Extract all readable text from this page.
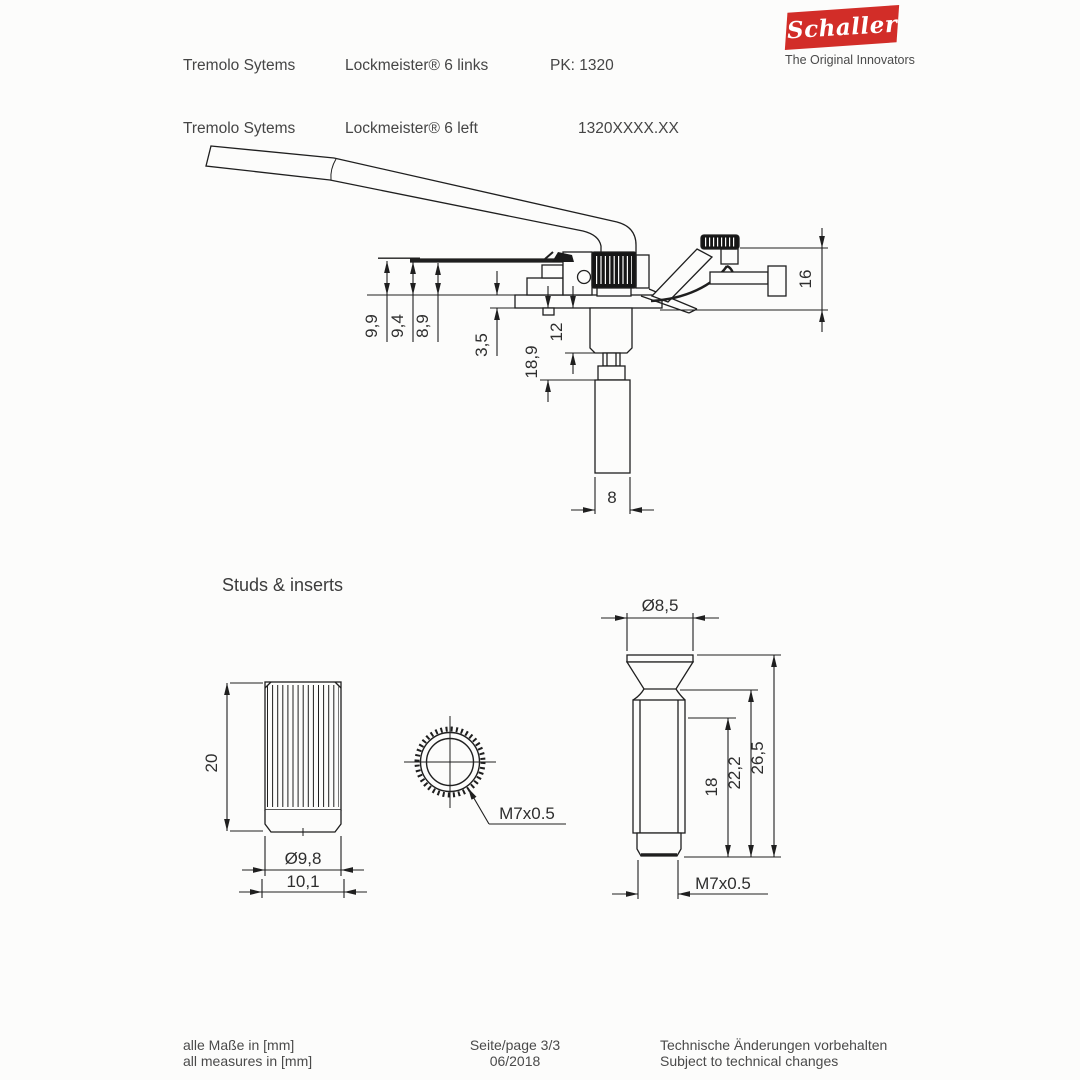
Tremolo Sytems

Tremolo Sytems

Lockmeister® 6 links

Lockmeister® 6 left

PK: 1320

1320XXXX.XX

Schaller
The Original Innovators
Studs & inserts
9,9 9,4 8,9
3,5
12
18,9
16
8
20
Ø9,8
10,1
M7x0.5
Ø8,5
18 22,2 26,5
M7x0.5
alle Maße in [mm]
all measures in [mm]
Seite/page 3/3
06/2018
Technische Änderungen vorbehalten
Subject to technical changes
